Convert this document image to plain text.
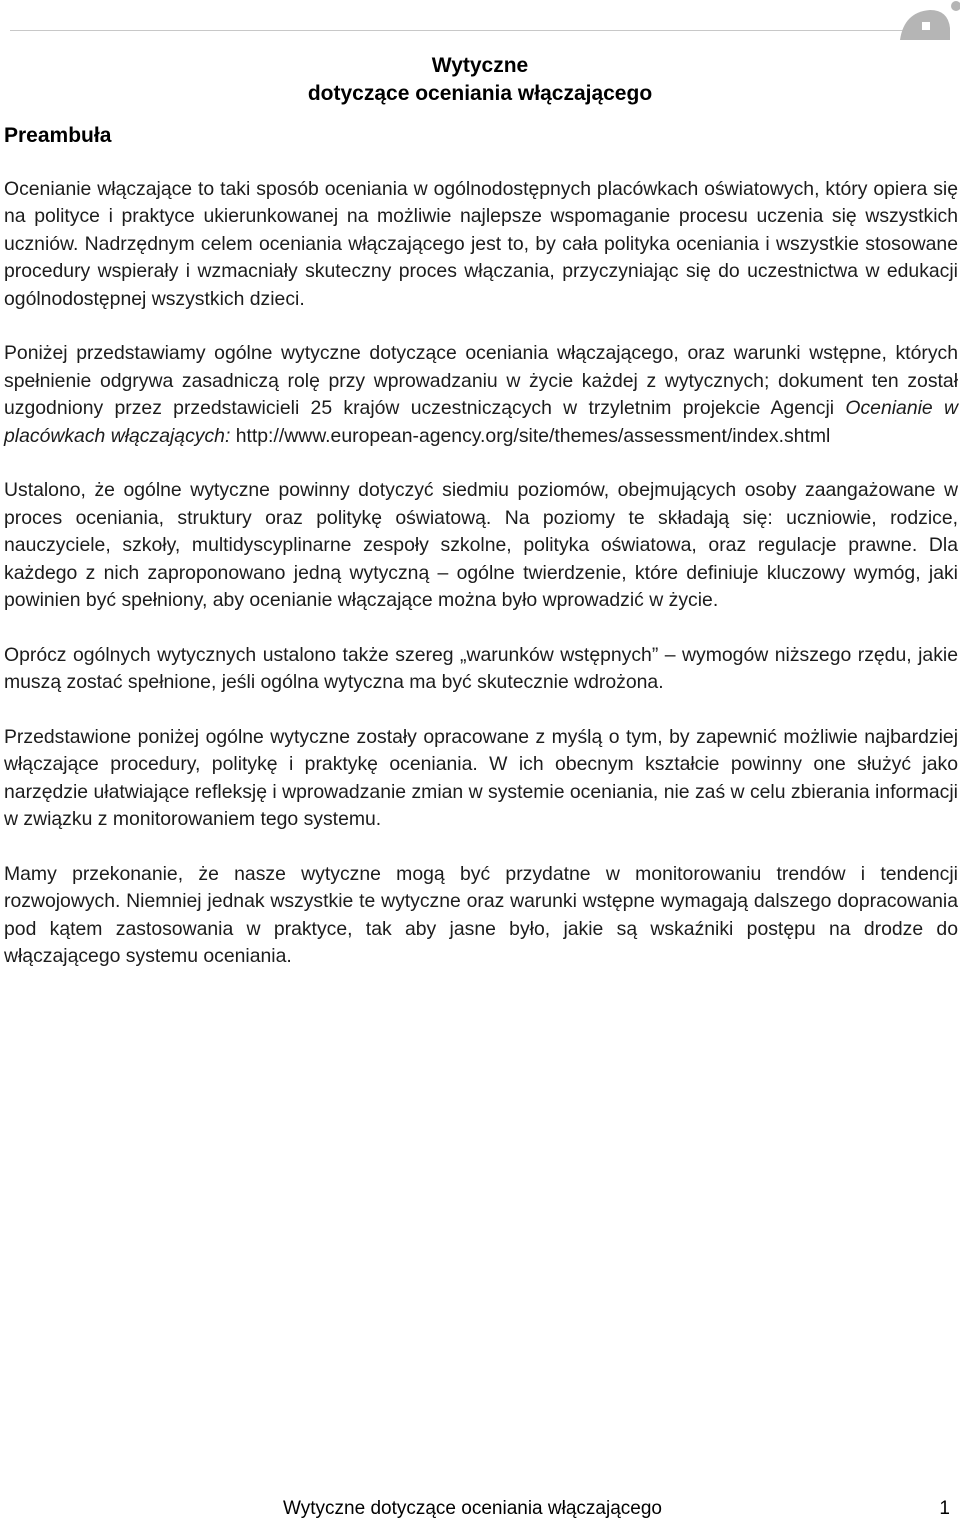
Wytyczne
dotyczące oceniania włączającego
Preambuła

Ocenianie włączające to taki sposób oceniania w ogólnodostępnych placówkach oświatowych, który opiera się na polityce i praktyce ukierunkowanej na możliwie najlepsze wspomaganie procesu uczenia się wszystkich uczniów. Nadrzędnym celem oceniania włączającego jest to, by cała polityka oceniania i wszystkie stosowane procedury wspierały i wzmacniały skuteczny proces włączania, przyczyniając się do uczestnictwa w edukacji ogólnodostępnej wszystkich dzieci.

Poniżej przedstawiamy ogólne wytyczne dotyczące oceniania włączającego, oraz warunki wstępne, których spełnienie odgrywa zasadniczą rolę przy wprowadzaniu w życie każdej z wytycznych; dokument ten został uzgodniony przez przedstawicieli 25 krajów uczestniczących w trzyletnim projekcie Agencji Ocenianie w placówkach włączających: http://www.european-agency.org/site/themes/assessment/index.shtml

Ustalono, że ogólne wytyczne powinny dotyczyć siedmiu poziomów, obejmujących osoby zaangażowane w proces oceniania, struktury oraz politykę oświatową. Na poziomy te składają się: uczniowie, rodzice, nauczyciele, szkoły, multidyscyplinarne zespoły szkolne, polityka oświatowa, oraz regulacje prawne. Dla każdego z nich zaproponowano jedną wytyczną – ogólne twierdzenie, które definiuje kluczowy wymóg, jaki powinien być spełniony, aby ocenianie włączające można było wprowadzić w życie.

Oprócz ogólnych wytycznych ustalono także szereg „warunków wstępnych” – wymogów niższego rzędu, jakie muszą zostać spełnione, jeśli ogólna wytyczna ma być skutecznie wdrożona.

Przedstawione poniżej ogólne wytyczne zostały opracowane z myślą o tym, by zapewnić możliwie najbardziej włączające procedury, politykę i praktykę oceniania. W ich obecnym kształcie powinny one służyć jako narzędzie ułatwiające refleksję i wprowadzanie zmian w systemie oceniania, nie zaś w celu zbierania informacji w związku z monitorowaniem tego systemu.

Mamy przekonanie, że nasze wytyczne mogą być przydatne w monitorowaniu trendów i tendencji rozwojowych. Niemniej jednak wszystkie te wytyczne oraz warunki wstępne wymagają dalszego dopracowania pod kątem zastosowania w praktyce, tak aby jasne było, jakie są wskaźniki postępu na drodze do włączającego systemu oceniania.

Wytyczne dotyczące oceniania włączającego	1
